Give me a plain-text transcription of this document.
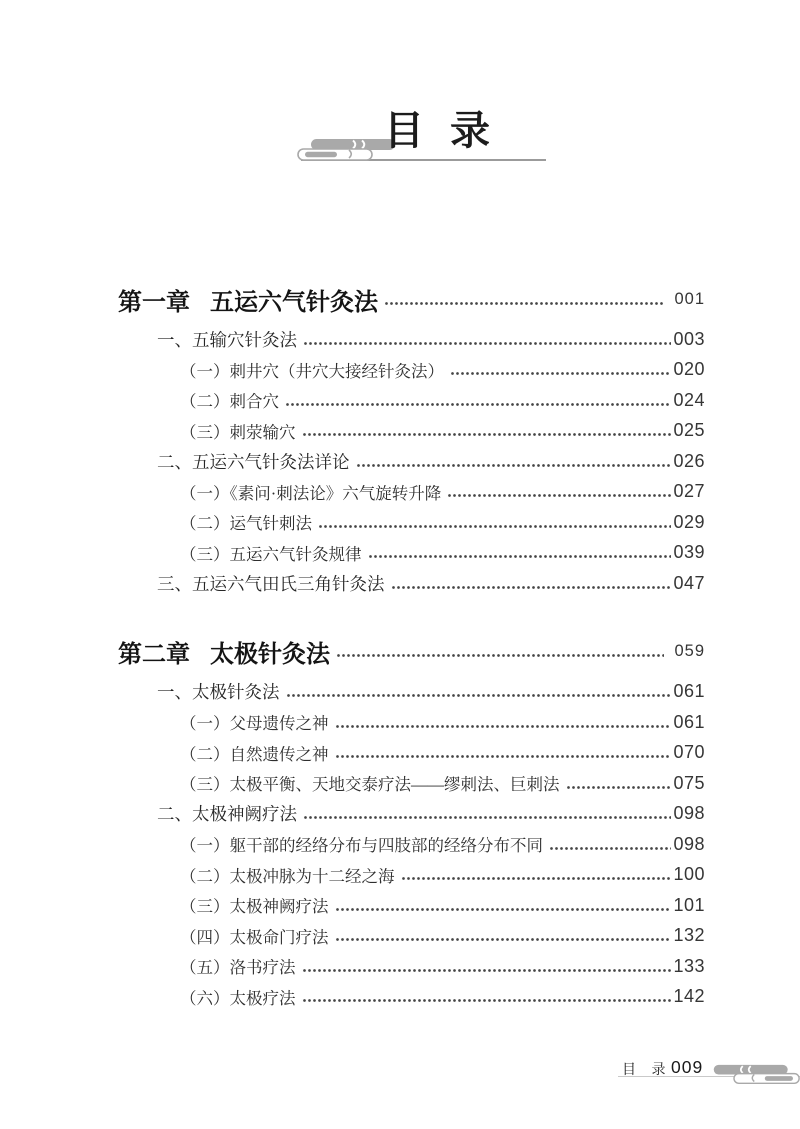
目 录
第一章 五运六气针灸法	001
一、五输穴针灸法	003
（一）刺井穴（井穴大接经针灸法）	020
（二）刺合穴	024
（三）刺荥输穴	025
二、五运六气针灸法详论	026
（一）《素问·刺法论》六气旋转升降	027
（二）运气针刺法	029
（三）五运六气针灸规律	039
三、五运六气田氏三角针灸法	047
第二章 太极针灸法	059
一、太极针灸法	061
（一）父母遗传之神	061
（二）自然遗传之神	070
（三）太极平衡、天地交泰疗法——缪刺法、巨刺法	075
二、太极神阙疗法	098
（一）躯干部的经络分布与四肢部的经络分布不同	098
（二）太极冲脉为十二经之海	100
（三）太极神阙疗法	101
（四）太极命门疗法	132
（五）洛书疗法	133
（六）太极疗法	142
目 录 009
